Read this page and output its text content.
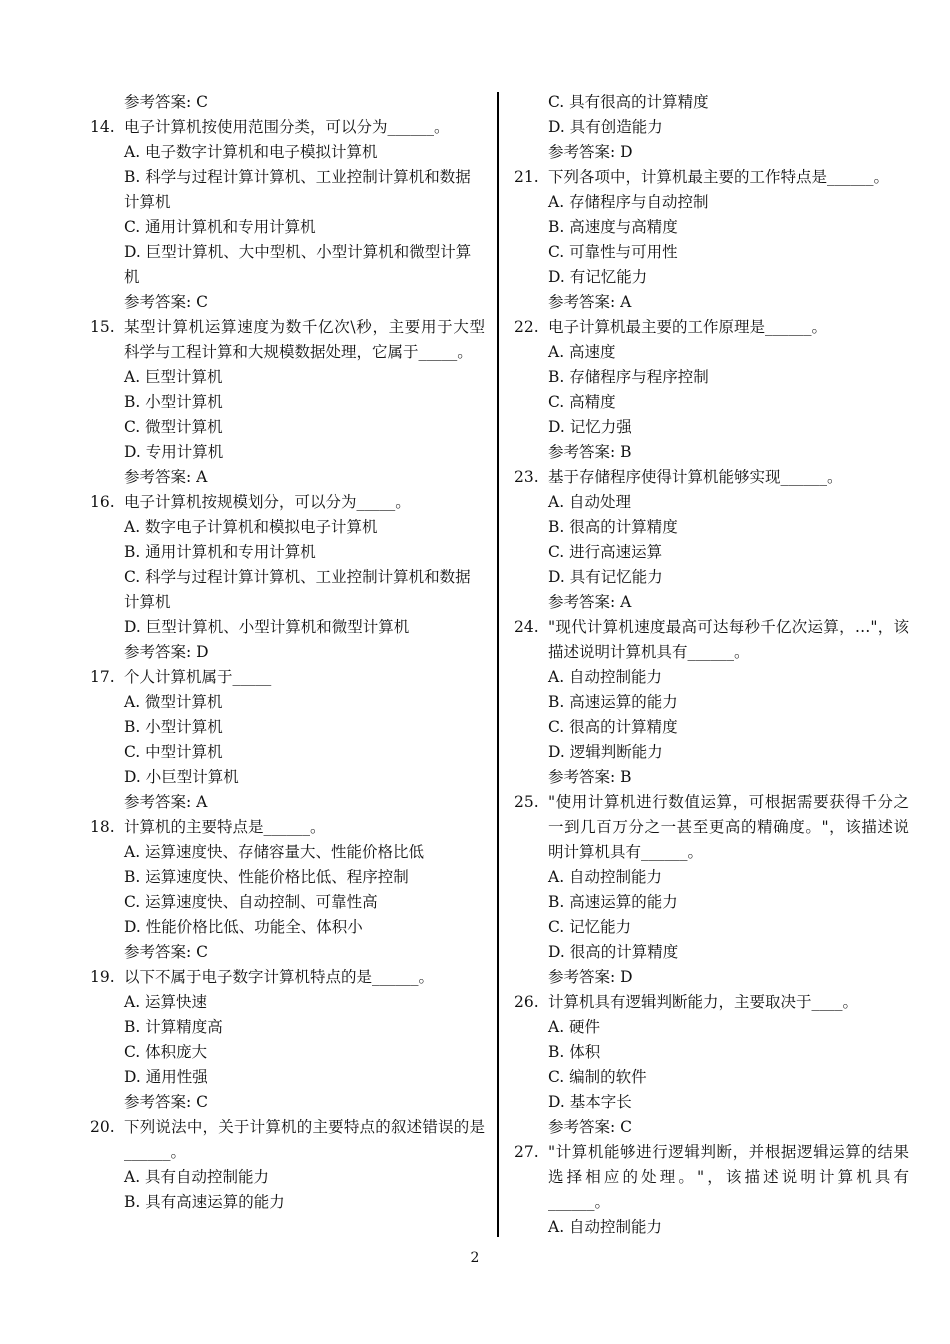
参考答案: C
14. 电子计算机按使用范围分类，可以分为______。
A. 电子数字计算机和电子模拟计算机
B. 科学与过程计算计算机、工业控制计算机和数据计算机
C. 通用计算机和专用计算机
D. 巨型计算机、大中型机、小型计算机和微型计算机
参考答案: C
15. 某型计算机运算速度为数千亿次\秒，主要用于大型科学与工程计算和大规模数据处理，它属于_____。
A. 巨型计算机
B. 小型计算机
C. 微型计算机
D. 专用计算机
参考答案: A
16. 电子计算机按规模划分，可以分为_____。
A. 数字电子计算机和模拟电子计算机
B. 通用计算机和专用计算机
C. 科学与过程计算计算机、工业控制计算机和数据计算机
D. 巨型计算机、小型计算机和微型计算机
参考答案: D
17. 个人计算机属于_____
A. 微型计算机
B. 小型计算机
C. 中型计算机
D. 小巨型计算机
参考答案: A
18. 计算机的主要特点是______。
A. 运算速度快、存储容量大、性能价格比低
B. 运算速度快、性能价格比低、程序控制
C. 运算速度快、自动控制、可靠性高
D. 性能价格比低、功能全、体积小
参考答案: C
19. 以下不属于电子数字计算机特点的是______。
A. 运算快速
B. 计算精度高
C. 体积庞大
D. 通用性强
参考答案: C
20. 下列说法中，关于计算机的主要特点的叙述错误的是______。
A. 具有自动控制能力
B. 具有高速运算的能力
C. 具有很高的计算精度
D. 具有创造能力
参考答案: D
21. 下列各项中，计算机最主要的工作特点是______。
A. 存储程序与自动控制
B. 高速度与高精度
C. 可靠性与可用性
D. 有记忆能力
参考答案: A
22. 电子计算机最主要的工作原理是______。
A. 高速度
B. 存储程序与程序控制
C. 高精度
D. 记忆力强
参考答案: B
23. 基于存储程序使得计算机能够实现______。
A. 自动处理
B. 很高的计算精度
C. 进行高速运算
D. 具有记忆能力
参考答案: A
24. "现代计算机速度最高可达每秒千亿次运算，…"，该描述说明计算机具有______。
A. 自动控制能力
B. 高速运算的能力
C. 很高的计算精度
D. 逻辑判断能力
参考答案: B
25. "使用计算机进行数值运算，可根据需要获得千分之一到几百万分之一甚至更高的精确度。"，该描述说明计算机具有______。
A. 自动控制能力
B. 高速运算的能力
C. 记忆能力
D. 很高的计算精度
参考答案: D
26. 计算机具有逻辑判断能力，主要取决于____。
A. 硬件
B. 体积
C. 编制的软件
D. 基本字长
参考答案: C
27. "计算机能够进行逻辑判断，并根据逻辑运算的结果选择相应的处理。"，该描述说明计算机具有______。
A. 自动控制能力
2
